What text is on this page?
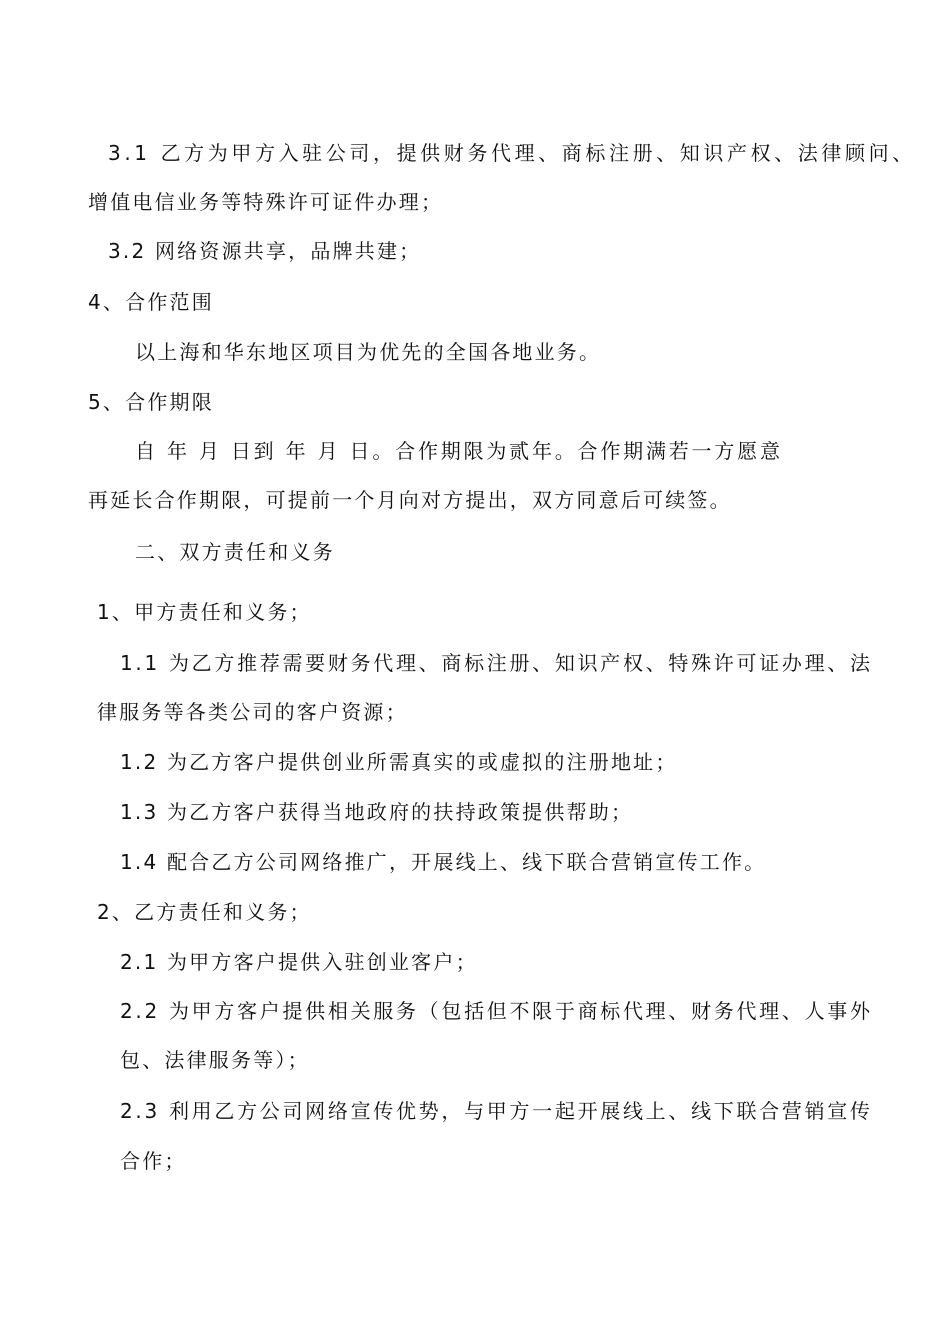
3.1 乙方为甲方入驻公司，提供财务代理、商标注册、知识产权、法律顾问、
增值电信业务等特殊许可证件办理；
3.2 网络资源共享，品牌共建；
4、合作范围
以上海和华东地区项目为优先的全国各地业务。
5、合作期限
自 年 月 日到 年 月 日。合作期限为贰年。合作期满若一方愿意
再延长合作期限，可提前一个月向对方提出，双方同意后可续签。
二、双方责任和义务
1、甲方责任和义务；
1.1 为乙方推荐需要财务代理、商标注册、知识产权、特殊许可证办理、法
律服务等各类公司的客户资源；
1.2 为乙方客户提供创业所需真实的或虚拟的注册地址；
1.3 为乙方客户获得当地政府的扶持政策提供帮助；
1.4 配合乙方公司网络推广，开展线上、线下联合营销宣传工作。
2、乙方责任和义务；
2.1 为甲方客户提供入驻创业客户；
2.2 为甲方客户提供相关服务（包括但不限于商标代理、财务代理、人事外
包、法律服务等）；
2.3 利用乙方公司网络宣传优势，与甲方一起开展线上、线下联合营销宣传
合作；
